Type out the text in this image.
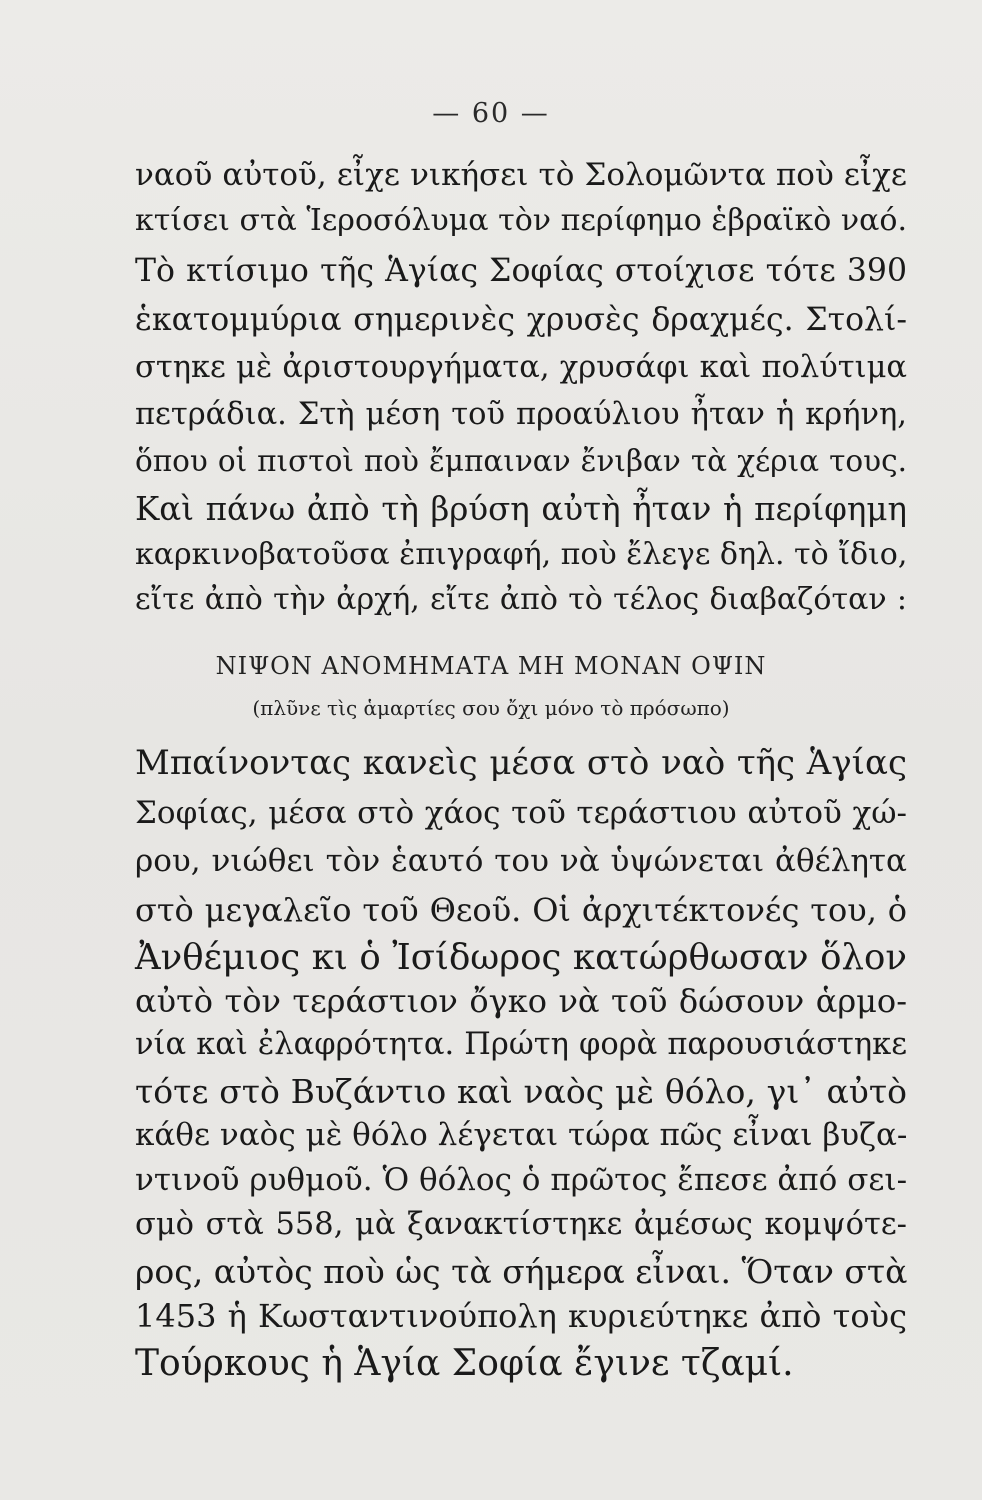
— 60 —
ναοῦ αὐτοῦ, εἶχε νικήσει τὸ Σολομῶντα ποὺ εἶχε
κτίσει στὰ Ἱεροσόλυμα τὸν περίφημο ἑβραϊκὸ ναό.
Τὸ κτίσιμο τῆς Ἁγίας Σοφίας στοίχισε τότε 390
ἑκατομμύρια σημερινὲς χρυσὲς δραχμές. Στολί-
στηκε μὲ ἀριστουργήματα, χρυσάφι καὶ πολύτιμα
πετράδια. Στὴ μέση τοῦ προαύλιου ἦταν ἡ κρήνη,
ὅπου οἱ πιστοὶ ποὺ ἔμπαιναν ἔνιβαν τὰ χέρια τους.
Καὶ πάνω ἀπὸ τὴ βρύση αὐτὴ ἦταν ἡ περίφημη
καρκινοβατοῦσα ἐπιγραφή, ποὺ ἔλεγε δηλ. τὸ ἴδιο,
εἴτε ἀπὸ τὴν ἀρχή, εἴτε ἀπὸ τὸ τέλος διαβαζόταν :
ΝΙΨΟΝ ΑΝΟΜΗΜΑΤΑ ΜΗ ΜΟΝΑΝ ΟΨΙΝ
(πλῦνε τὶς ἁμαρτίες σου ὄχι μόνο τὸ πρόσωπο)
Μπαίνοντας κανεὶς μέσα στὸ ναὸ τῆς Ἁγίας
Σοφίας, μέσα στὸ χάος τοῦ τεράστιου αὐτοῦ χώ-
ρου, νιώθει τὸν ἑαυτό του νὰ ὑψώνεται ἀθέλητα
στὸ μεγαλεῖο τοῦ Θεοῦ. Οἱ ἀρχιτέκτονές του, ὁ
Ἀνθέμιος κι ὁ Ἰσίδωρος κατώρθωσαν ὅλον
αὐτὸ τὸν τεράστιον ὄγκο νὰ τοῦ δώσουν ἁρμο-
νία καὶ ἐλαφρότητα. Πρώτη φορὰ παρουσιάστηκε
τότε στὸ Βυζάντιο καὶ ναὸς μὲ θόλο, γι᾽ αὐτὸ
κάθε ναὸς μὲ θόλο λέγεται τώρα πῶς εἶναι βυζα-
ντινοῦ ρυθμοῦ. Ὁ θόλος ὁ πρῶτος ἔπεσε ἀπό σει-
σμὸ στὰ 558, μὰ ξανακτίστηκε ἀμέσως κομψότε-
ρος, αὐτὸς ποὺ ὡς τὰ σήμερα εἶναι. Ὅταν στὰ
1453 ἡ Κωσταντινούπολη κυριεύτηκε ἀπὸ τοὺς
Τούρκους ἡ Ἁγία Σοφία ἔγινε τζαμί.
